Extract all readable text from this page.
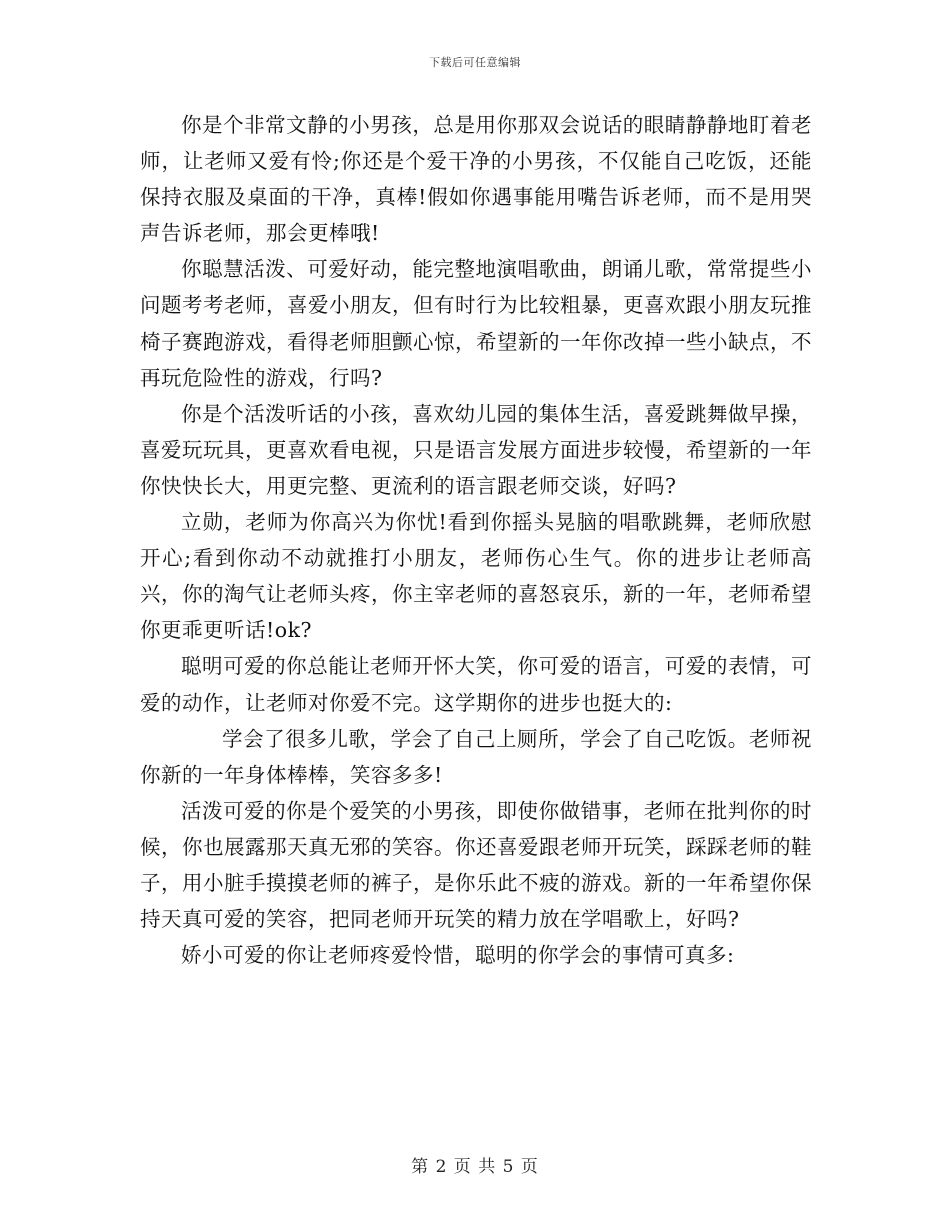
下载后可任意编辑

你是个非常文静的小男孩，总是用你那双会说话的眼睛静静地盯着老师，让老师又爱有怜;你还是个爱干净的小男孩，不仅能自己吃饭，还能保持衣服及桌面的干净，真棒!假如你遇事能用嘴告诉老师，而不是用哭声告诉老师，那会更棒哦!

你聪慧活泼、可爱好动，能完整地演唱歌曲，朗诵儿歌，常常提些小问题考考老师，喜爱小朋友，但有时行为比较粗暴，更喜欢跟小朋友玩推椅子赛跑游戏，看得老师胆颤心惊，希望新的一年你改掉一些小缺点，不再玩危险性的游戏，行吗?

你是个活泼听话的小孩，喜欢幼儿园的集体生活，喜爱跳舞做早操，喜爱玩玩具，更喜欢看电视，只是语言发展方面进步较慢，希望新的一年你快快长大，用更完整、更流利的语言跟老师交谈，好吗?

立勋，老师为你高兴为你忧!看到你摇头晃脑的唱歌跳舞，老师欣慰开心;看到你动不动就推打小朋友，老师伤心生气。你的进步让老师高兴，你的淘气让老师头疼，你主宰老师的喜怒哀乐，新的一年，老师希望你更乖更听话!ok?

聪明可爱的你总能让老师开怀大笑，你可爱的语言，可爱的表情，可爱的动作，让老师对你爱不完。这学期你的进步也挺大的:

学会了很多儿歌，学会了自己上厕所，学会了自己吃饭。老师祝你新的一年身体棒棒，笑容多多!

活泼可爱的你是个爱笑的小男孩，即使你做错事，老师在批判你的时候，你也展露那天真无邪的笑容。你还喜爱跟老师开玩笑，踩踩老师的鞋子，用小脏手摸摸老师的裤子，是你乐此不疲的游戏。新的一年希望你保持天真可爱的笑容，把同老师开玩笑的精力放在学唱歌上，好吗?

娇小可爱的你让老师疼爱怜惜，聪明的你学会的事情可真多:

第 2 页 共 5 页
